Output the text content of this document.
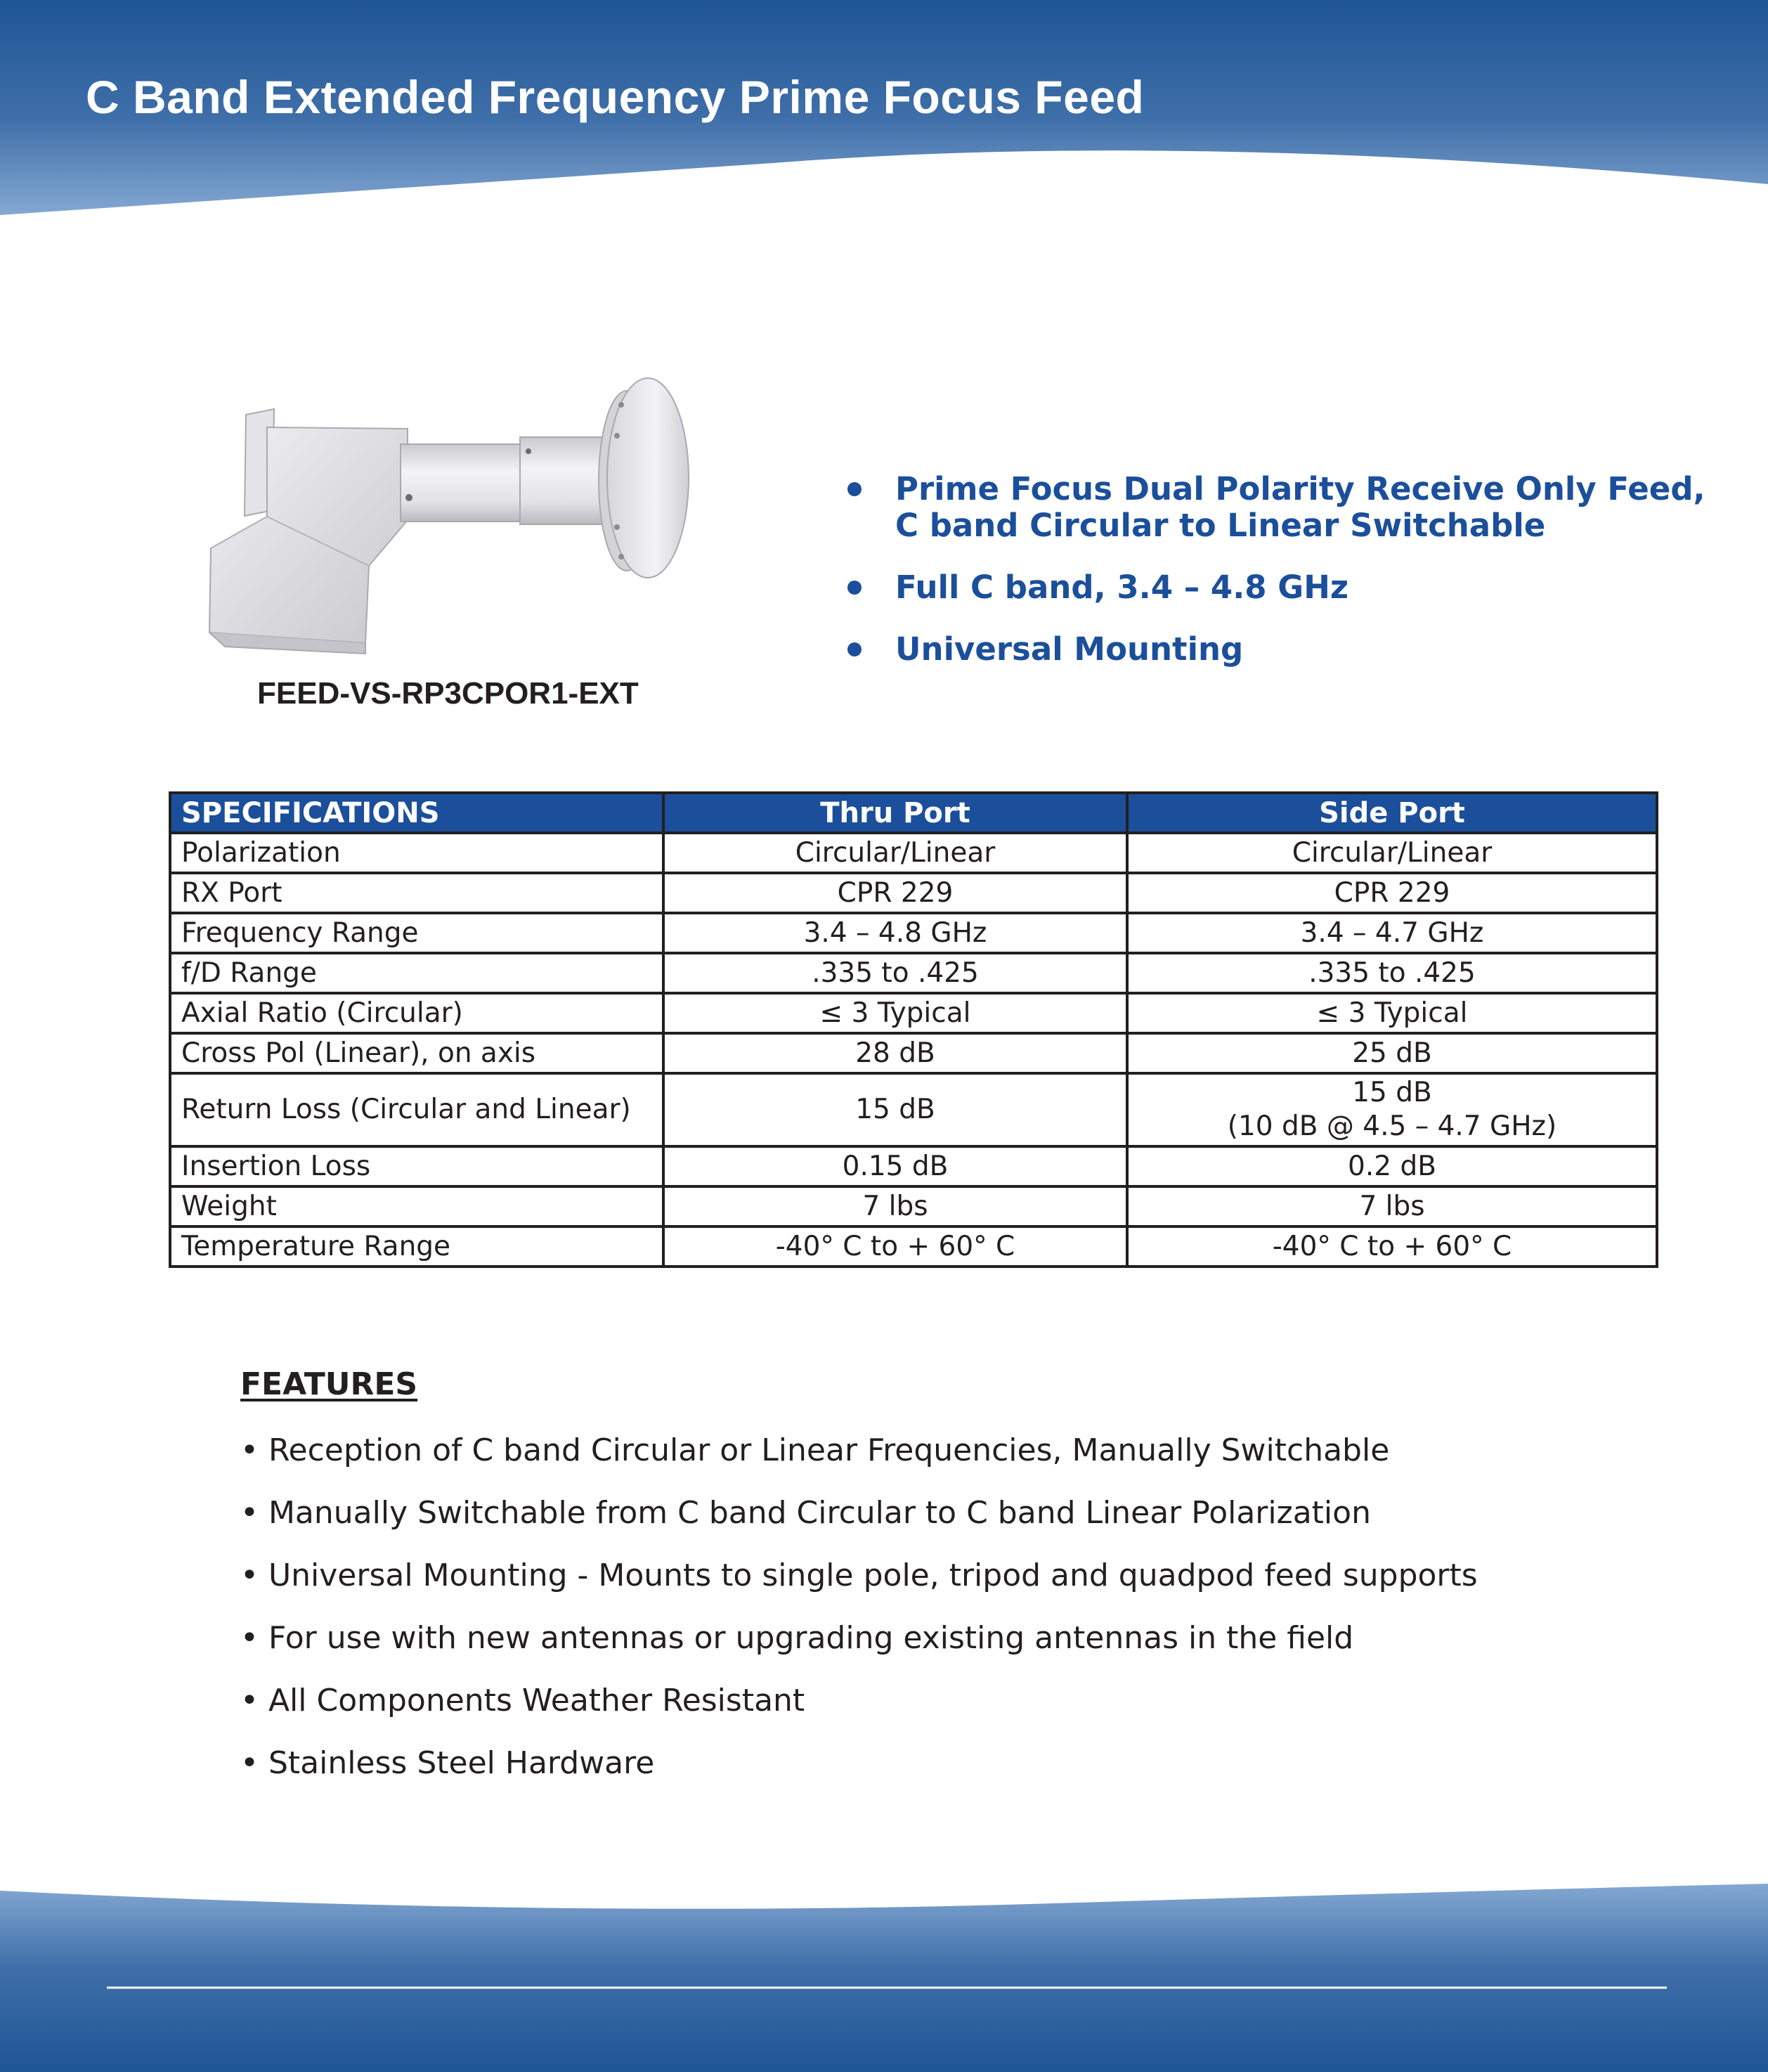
C Band Extended Frequency Prime Focus Feed
FEED-VS-RP3CPOR1-EXT
Prime Focus Dual Polarity Receive Only Feed, C band Circular to Linear Switchable
Full C band, 3.4 – 4.8 GHz
Universal Mounting
SPECIFICATIONS	Thru Port	Side Port
Polarization	Circular/Linear	Circular/Linear
RX Port	CPR 229	CPR 229
Frequency Range	3.4 – 4.8 GHz	3.4 – 4.7 GHz
f/D Range	.335 to .425	.335 to .425
Axial Ratio (Circular)	≤ 3 Typical	≤ 3 Typical
Cross Pol (Linear), on axis	28 dB	25 dB
Return Loss (Circular and Linear)	15 dB	15 dB
(10 dB @ 4.5 – 4.7 GHz)

Insertion Loss	0.15 dB	0.2 dB
Weight	7 lbs	7 lbs
Temperature Range	-40° C to + 60° C	-40° C to + 60° C
FEATURES
• Reception of C band Circular or Linear Frequencies, Manually Switchable
• Manually Switchable from C band Circular to C band Linear Polarization
• Universal Mounting - Mounts to single pole, tripod and quadpod feed supports
• For use with new antennas or upgrading existing antennas in the field
• All Components Weather Resistant
• Stainless Steel Hardware
